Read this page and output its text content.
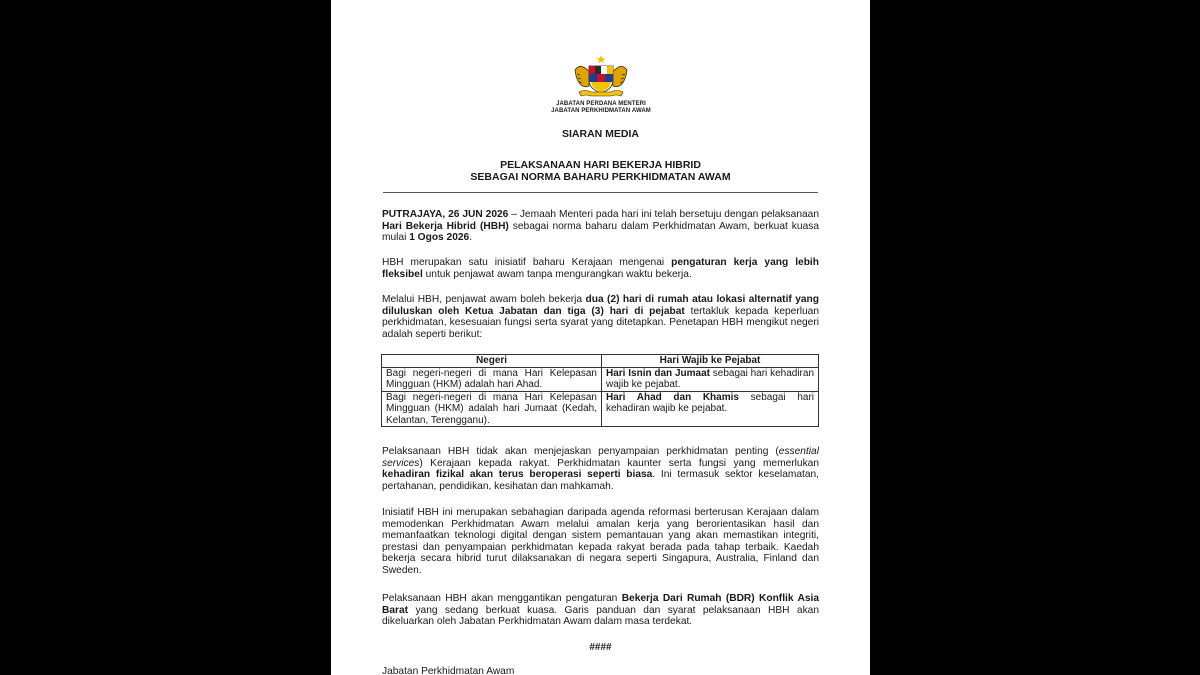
JABATAN PERDANA MENTERI
JABATAN PERKHIDMATAN AWAM
SIARAN MEDIA
PELAKSANAAN HARI BEKERJA HIBRID
SEBAGAI NORMA BAHARU PERKHIDMATAN AWAM

PUTRAJAYA, 26 JUN 2026 – Jemaah Menteri pada hari ini telah bersetuju dengan pelaksanaan Hari Bekerja Hibrid (HBH) sebagai norma baharu dalam Perkhidmatan Awam, berkuat kuasa mulai 1 Ogos 2026.

HBH merupakan satu inisiatif baharu Kerajaan mengenai pengaturan kerja yang lebih fleksibel untuk penjawat awam tanpa mengurangkan waktu bekerja.

Melalui HBH, penjawat awam boleh bekerja dua (2) hari di rumah atau lokasi alternatif yang diluluskan oleh Ketua Jabatan dan tiga (3) hari di pejabat tertakluk kepada keperluan perkhidmatan, kesesuaian fungsi serta syarat yang ditetapkan. Penetapan HBH mengikut negeri adalah seperti berikut:

Negeri	Hari Wajib ke Pejabat
Bagi negeri-negeri di mana Hari Kelepasan Mingguan (HKM) adalah hari Ahad.	Hari Isnin dan Jumaat sebagai hari kehadiran wajib ke pejabat.
Bagi negeri-negeri di mana Hari Kelepasan Mingguan (HKM) adalah hari Jumaat (Kedah, Kelantan, Terengganu).	Hari Ahad dan Khamis sebagai hari kehadiran wajib ke pejabat.

Pelaksanaan HBH tidak akan menjejaskan penyampaian perkhidmatan penting (essential services) Kerajaan kepada rakyat. Perkhidmatan kaunter serta fungsi yang memerlukan kehadiran fizikal akan terus beroperasi seperti biasa. Ini termasuk sektor keselamatan, pertahanan, pendidikan, kesihatan dan mahkamah.

Inisiatif HBH ini merupakan sebahagian daripada agenda reformasi berterusan Kerajaan dalam memodenkan Perkhidmatan Awam melalui amalan kerja yang berorientasikan hasil dan memanfaatkan teknologi digital dengan sistem pemantauan yang akan memastikan integriti, prestasi dan penyampaian perkhidmatan kepada rakyat berada pada tahap terbaik. Kaedah bekerja secara hibrid turut dilaksanakan di negara seperti Singapura, Australia, Finland dan Sweden.

Pelaksanaan HBH akan menggantikan pengaturan Bekerja Dari Rumah (BDR) Konflik Asia Barat yang sedang berkuat kuasa. Garis panduan dan syarat pelaksanaan HBH akan dikeluarkan oleh Jabatan Perkhidmatan Awam dalam masa terdekat.

####
Jabatan Perkhidmatan Awam
